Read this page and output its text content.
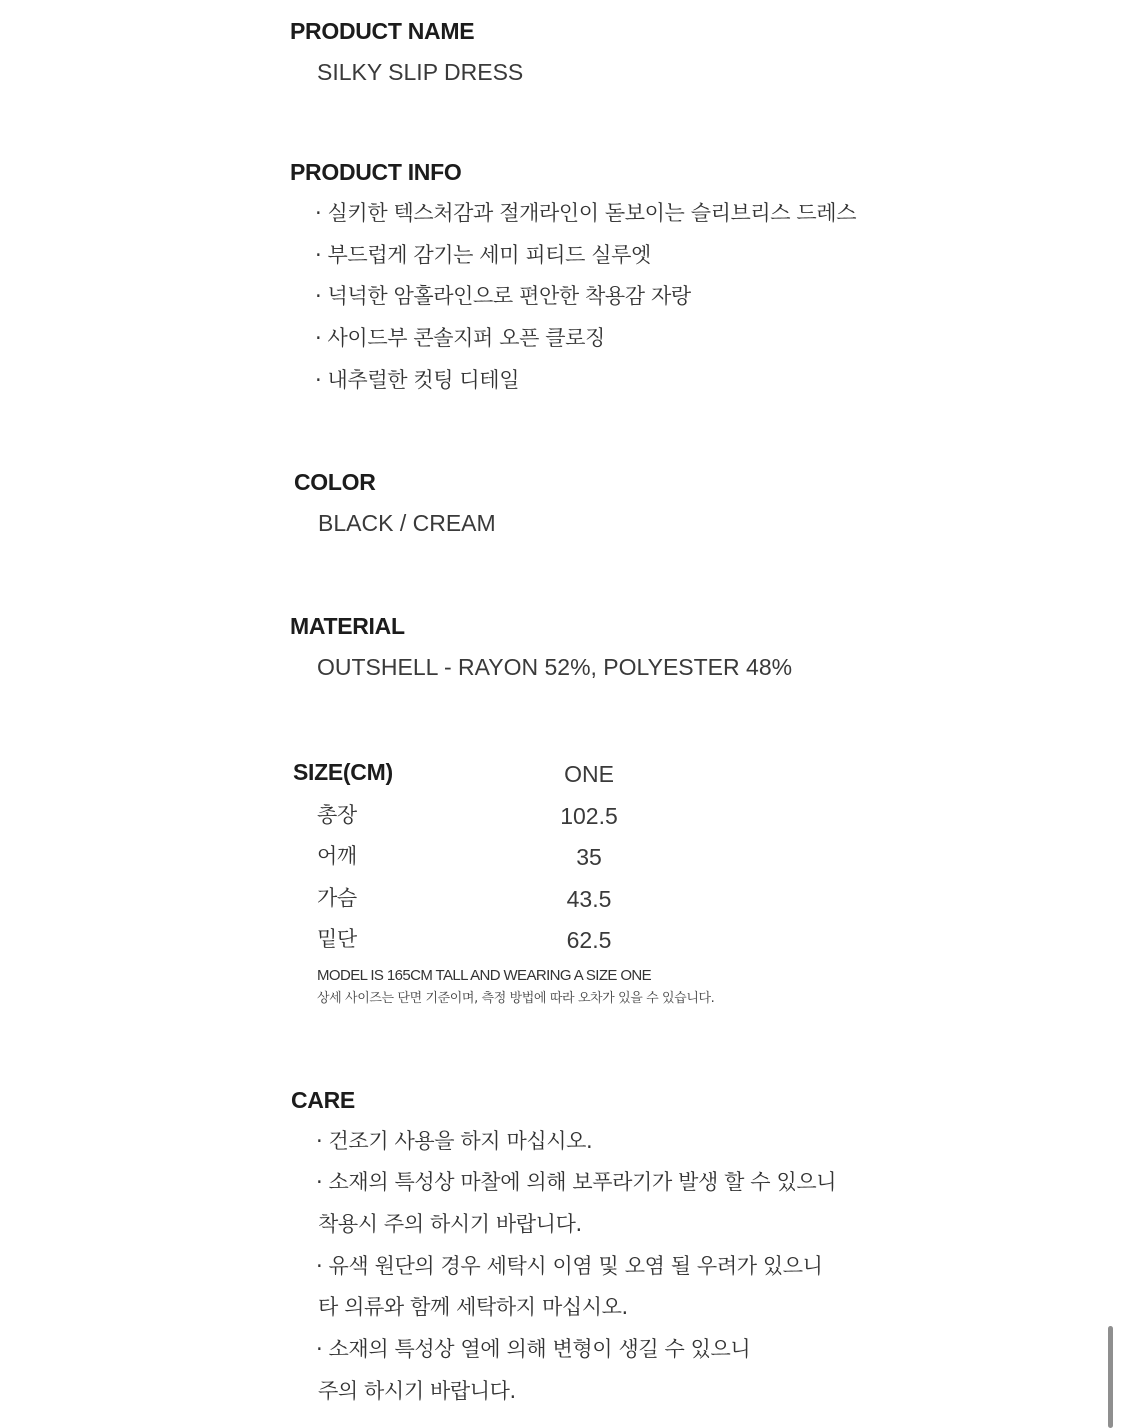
PRODUCT NAME
SILKY SLIP DRESS
PRODUCT INFO
· 실키한 텍스처감과 절개라인이 돋보이는 슬리브리스 드레스
· 부드럽게 감기는 세미 피티드 실루엣
· 넉넉한 암홀라인으로 편안한 착용감 자랑
· 사이드부 콘솔지퍼 오픈 클로징
· 내추럴한 컷팅 디테일
COLOR
BLACK / CREAM
MATERIAL
OUTSHELL - RAYON 52%, POLYESTER 48%
SIZE(CM)	ONE
총장	102.5
어깨	35
가슴	43.5
밑단	62.5
MODEL IS 165CM TALL AND WEARING A SIZE ONE
상세 사이즈는 단면 기준이며, 측정 방법에 따라 오차가 있을 수 있습니다.
CARE
· 건조기 사용을 하지 마십시오.
· 소재의 특성상 마찰에 의해 보푸라기가 발생 할 수 있으니
착용시 주의 하시기 바랍니다.
· 유색 원단의 경우 세탁시 이염 및 오염 될 우려가 있으니
타 의류와 함께 세탁하지 마십시오.
· 소재의 특성상 열에 의해 변형이 생길 수 있으니
주의 하시기 바랍니다.
